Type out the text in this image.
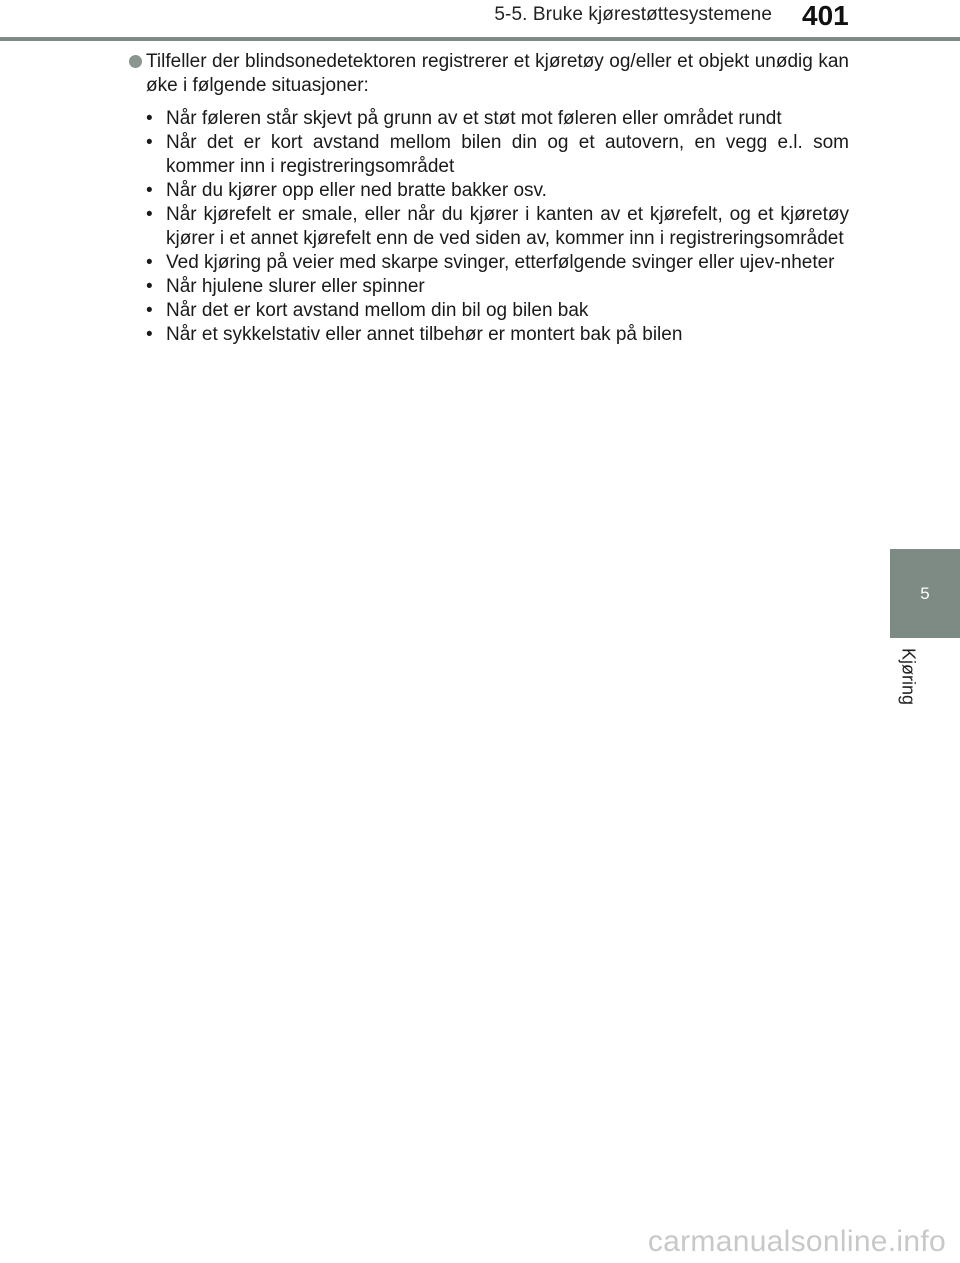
5-5. Bruke kjørestøttesystemene 401
5
Kjøring
Tilfeller der blindsonedetektoren registrerer et kjøretøy og/eller et objekt unødig kan øke i følgende situasjoner:
• Når føleren står skjevt på grunn av et støt mot føleren eller området rundt
• Når det er kort avstand mellom bilen din og et autovern, en vegg e.l. som kommer inn i registreringsområdet
• Når du kjører opp eller ned bratte bakker osv.
• Når kjørefelt er smale, eller når du kjører i kanten av et kjørefelt, og et kjøretøy kjører i et annet kjørefelt enn de ved siden av, kommer inn i registreringsområdet
• Ved kjøring på veier med skarpe svinger, etterfølgende svinger eller ujev-nheter
• Når hjulene slurer eller spinner
• Når det er kort avstand mellom din bil og bilen bak
• Når et sykkelstativ eller annet tilbehør er montert bak på bilen
carmanualsonline.info
